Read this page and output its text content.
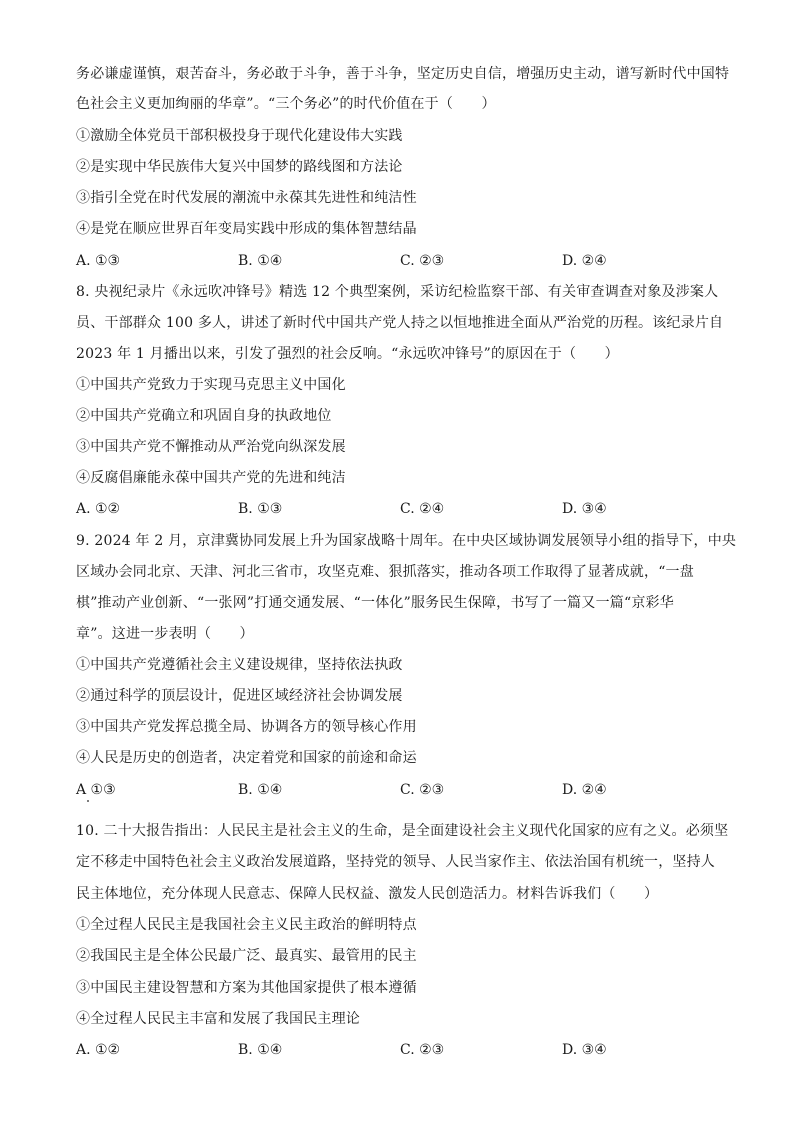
务必谦虚谨慎，艰苦奋斗，务必敢于斗争，善于斗争，坚定历史自信，增强历史主动，谱写新时代中国特
色社会主义更加绚丽的华章”。“三个务必”的时代价值在于（　　）
①激励全体党员干部积极投身于现代化建设伟大实践
②是实现中华民族伟大复兴中国梦的路线图和方法论
③指引全党在时代发展的潮流中永葆其先进性和纯洁性
④是党在顺应世界百年变局实践中形成的集体智慧结晶
A. ①③	B. ①④	C. ②③	D. ②④
8. 央视纪录片《永远吹冲锋号》精选 12 个典型案例，采访纪检监察干部、有关审查调查对象及涉案人
员、干部群众 100 多人，讲述了新时代中国共产党人持之以恒地推进全面从严治党的历程。该纪录片自
2023 年 1 月播出以来，引发了强烈的社会反响。“永远吹冲锋号”的原因在于（　　）
①中国共产党致力于实现马克思主义中国化
②中国共产党确立和巩固自身的执政地位
③中国共产党不懈推动从严治党向纵深发展
④反腐倡廉能永葆中国共产党的先进和纯洁
A. ①②	B. ①③	C. ②④	D. ③④
9. 2024 年 2 月，京津冀协同发展上升为国家战略十周年。在中央区域协调发展领导小组的指导下，中央
区域办会同北京、天津、河北三省市，攻坚克难、狠抓落实，推动各项工作取得了显著成就，“一盘
棋”推动产业创新、“一张网”打通交通发展、“一体化”服务民生保障，书写了一篇又一篇“京彩华
章”。这进一步表明（　　）
①中国共产党遵循社会主义建设规律，坚持依法执政
②通过科学的顶层设计，促进区域经济社会协调发展
③中国共产党发挥总揽全局、协调各方的领导核心作用
④人民是历史的创造者，决定着党和国家的前途和命运
A ①③	B. ①④	C. ②③	D. ②④
10. 二十大报告指出：人民民主是社会主义的生命，是全面建设社会主义现代化国家的应有之义。必须坚
定不移走中国特色社会主义政治发展道路，坚持党的领导、人民当家作主、依法治国有机统一，坚持人
民主体地位，充分体现人民意志、保障人民权益、激发人民创造活力。材料告诉我们（　　）
①全过程人民民主是我国社会主义民主政治的鲜明特点
②我国民主是全体公民最广泛、最真实、最管用的民主
③中国民主建设智慧和方案为其他国家提供了根本遵循
④全过程人民民主丰富和发展了我国民主理论
A. ①②	B. ①④	C. ②③	D. ③④
